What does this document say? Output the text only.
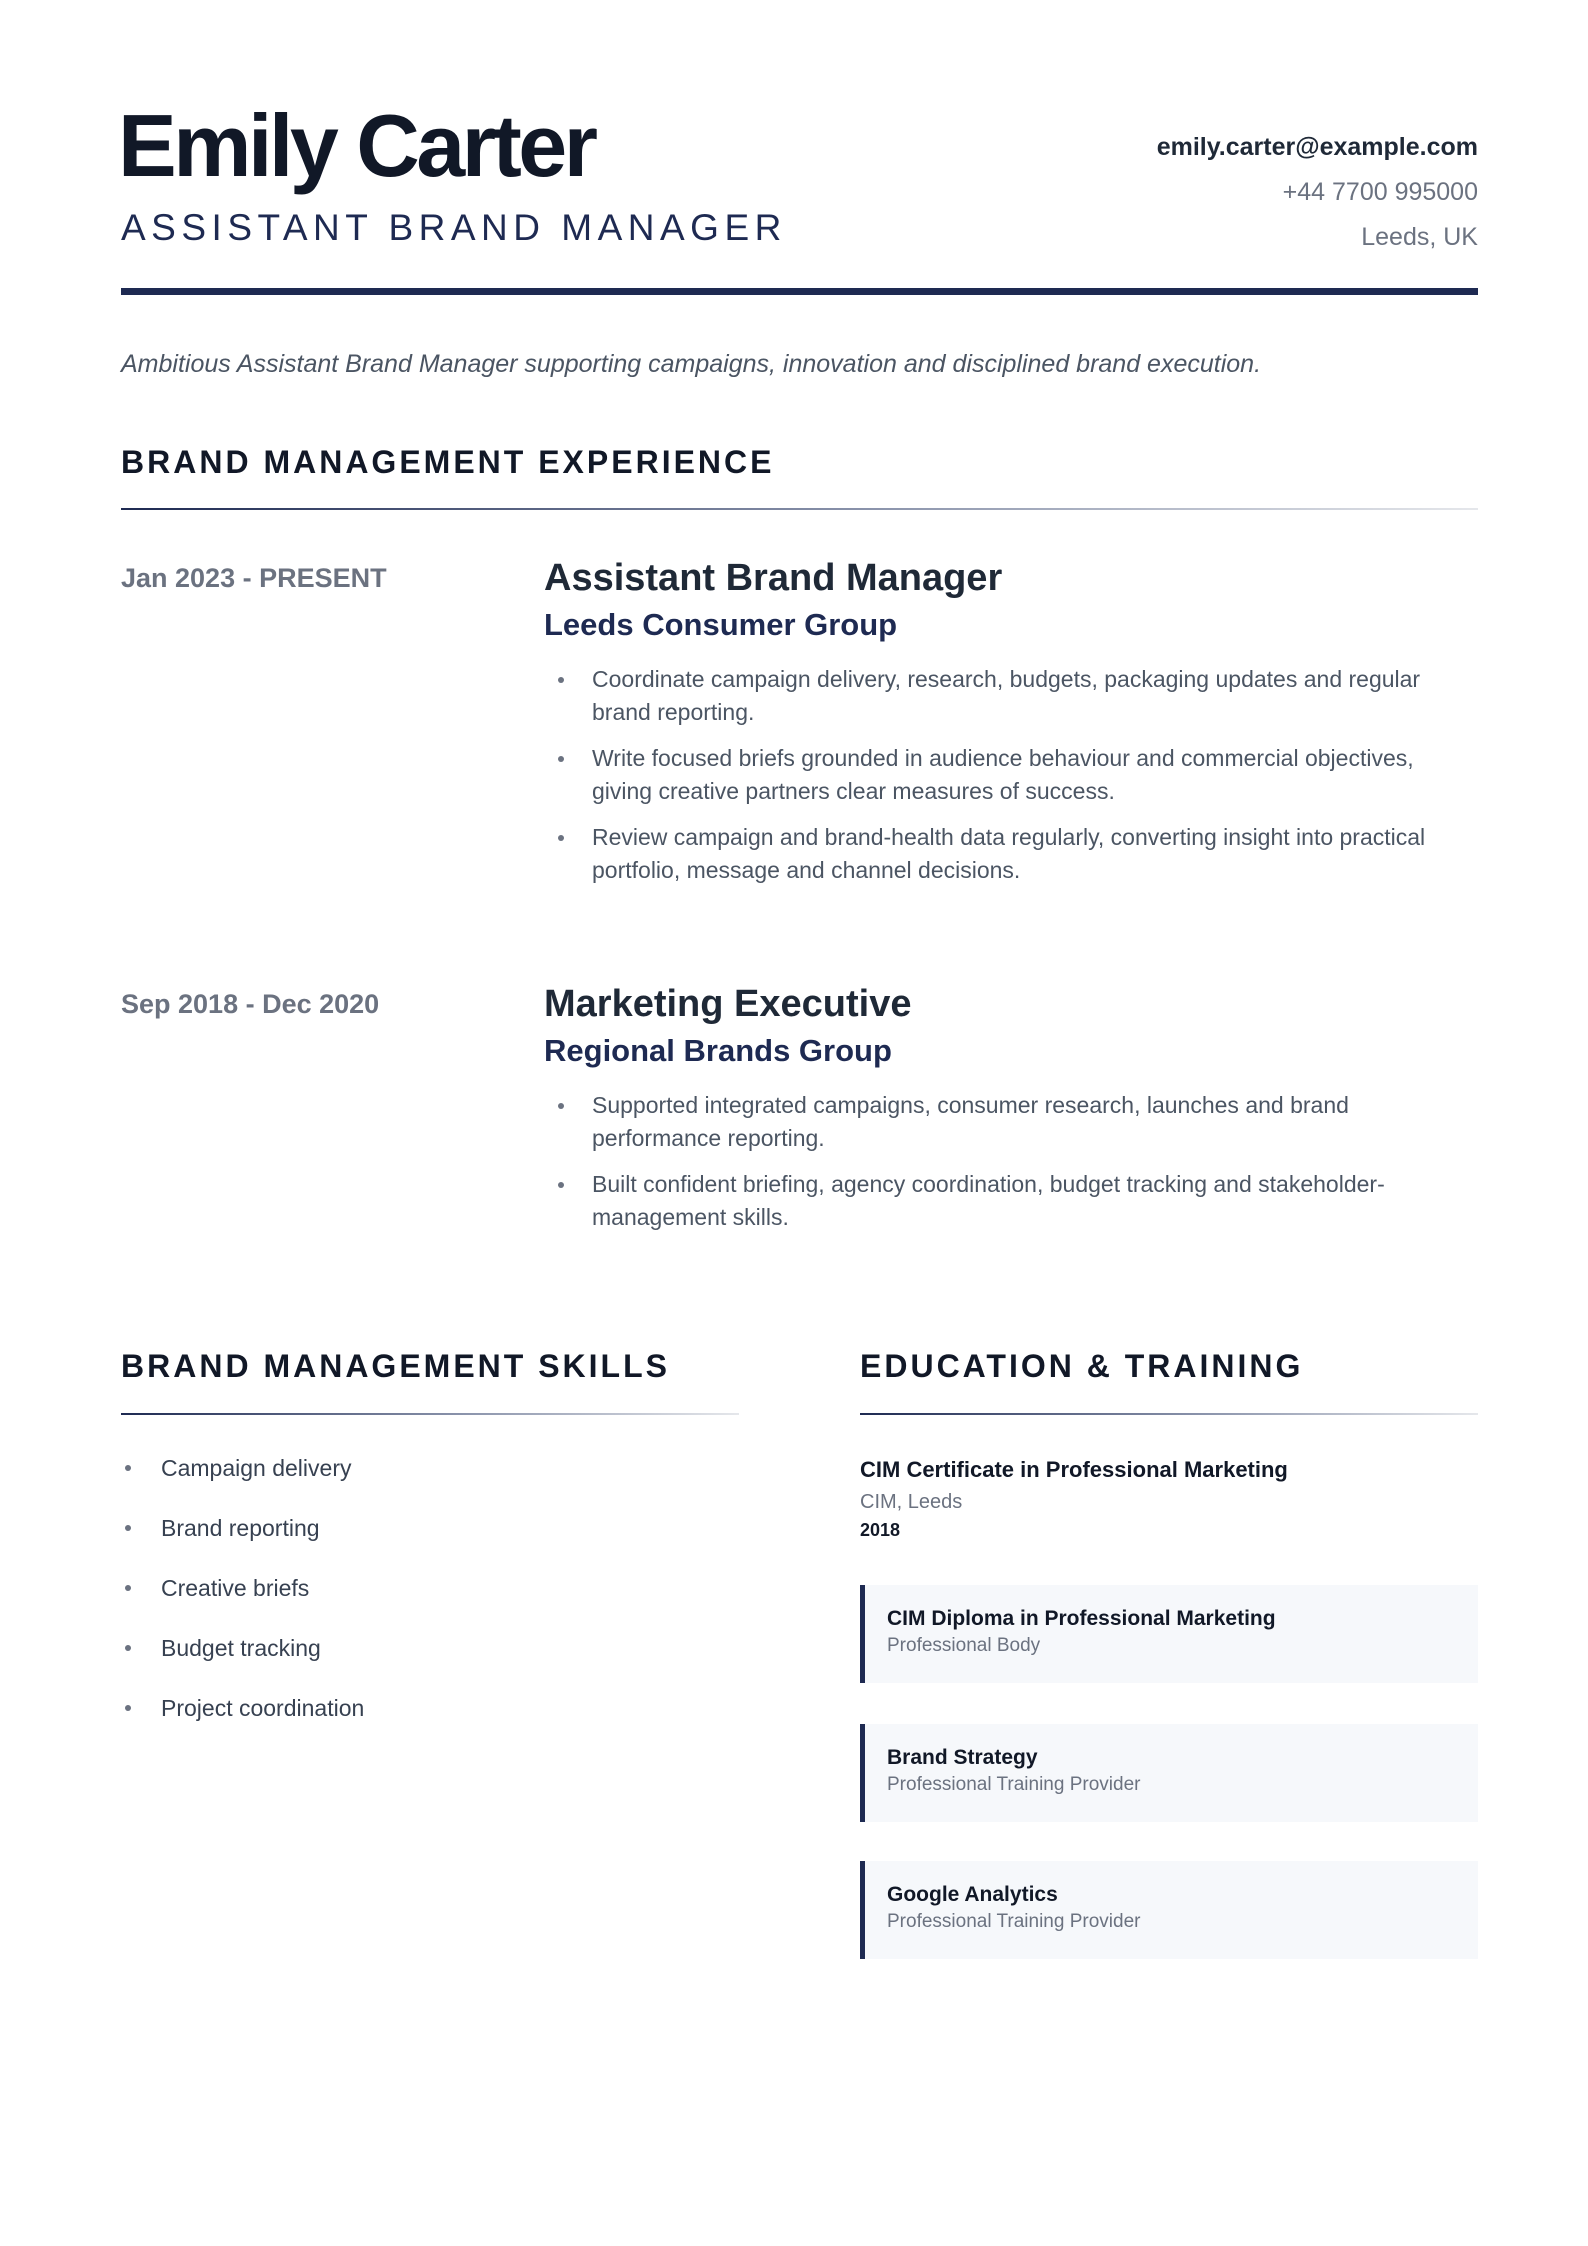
Emily Carter
ASSISTANT BRAND MANAGER
emily.carter@example.com
+44 7700 995000
Leeds, UK
Ambitious Assistant Brand Manager supporting campaigns, innovation and disciplined brand execution.
BRAND MANAGEMENT EXPERIENCE
Jan 2023 - PRESENT	Assistant Brand Manager
Leeds Consumer Group
Coordinate campaign delivery, research, budgets, packaging updates and regular brand reporting.
Write focused briefs grounded in audience behaviour and commercial objectives, giving creative partners clear measures of success.
Review campaign and brand-health data regularly, converting insight into practical portfolio, message and channel decisions.
Sep 2018 - Dec 2020	Marketing Executive
Regional Brands Group
Supported integrated campaigns, consumer research, launches and brand performance reporting.
Built confident briefing, agency coordination, budget tracking and stakeholder-management skills.
BRAND MANAGEMENT SKILLS
Campaign delivery
Brand reporting
Creative briefs
Budget tracking
Project coordination
EDUCATION & TRAINING
CIM Certificate in Professional Marketing
CIM, Leeds
2018
CIM Diploma in Professional Marketing
Professional Body
Brand Strategy
Professional Training Provider
Google Analytics
Professional Training Provider
